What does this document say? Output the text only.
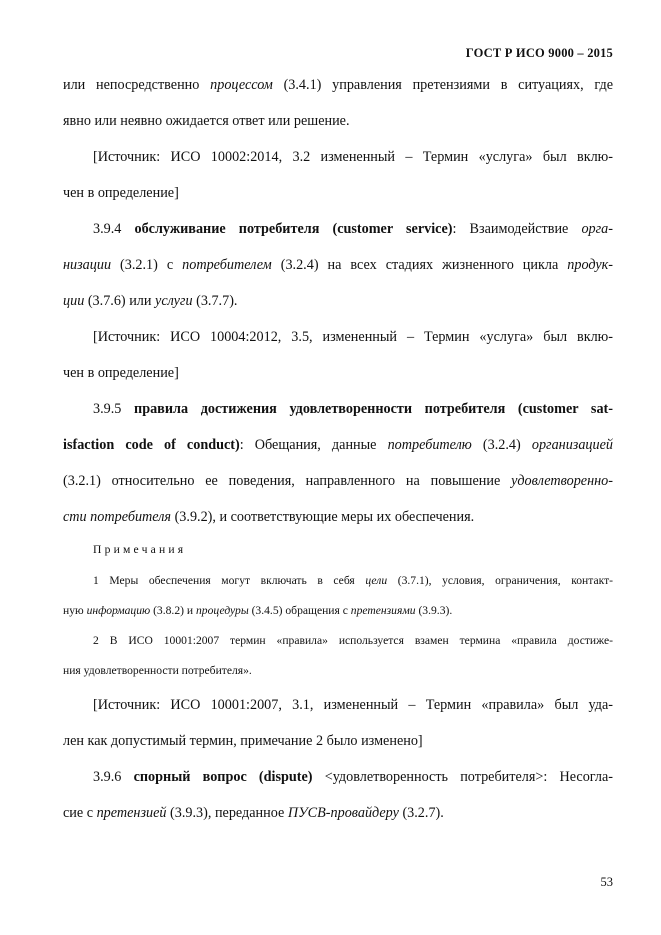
ГОСТ Р ИСО 9000 – 2015
или непосредственно процессом (3.4.1) управления претензиями в ситуациях, где
явно или неявно ожидается ответ или решение.
[Источник: ИСО 10002:2014, 3.2 измененный – Термин «услуга» был вклю-
чен в определение]
3.9.4 обслуживание потребителя (customer service): Взаимодействие орга-
низации (3.2.1) с потребителем (3.2.4) на всех стадиях жизненного цикла продук-
ции (3.7.6) или услуги (3.7.7).
[Источник: ИСО 10004:2012, 3.5, измененный – Термин «услуга» был вклю-
чен в определение]
3.9.5 правила достижения удовлетворенности потребителя (customer sat-
isfaction code of conduct): Обещания, данные потребителю (3.2.4) организацией
(3.2.1) относительно ее поведения, направленного на повышение удовлетворенно-
сти потребителя (3.9.2), и соответствующие меры их обеспечения.
Примечания
1 Меры обеспечения могут включать в себя цели (3.7.1), условия, ограничения, контакт-
ную информацию (3.8.2) и процедуры (3.4.5) обращения с претензиями (3.9.3).
2 В ИСО 10001:2007 термин «правила» используется взамен термина «правила достиже-
ния удовлетворенности потребителя».
[Источник: ИСО 10001:2007, 3.1, измененный – Термин «правила» был уда-
лен как допустимый термин, примечание 2 было изменено]
3.9.6 спорный вопрос (dispute) <удовлетворенность потребителя>: Несогла-
сие с претензией (3.9.3), переданное ПУСВ-провайдеру (3.2.7).
53
